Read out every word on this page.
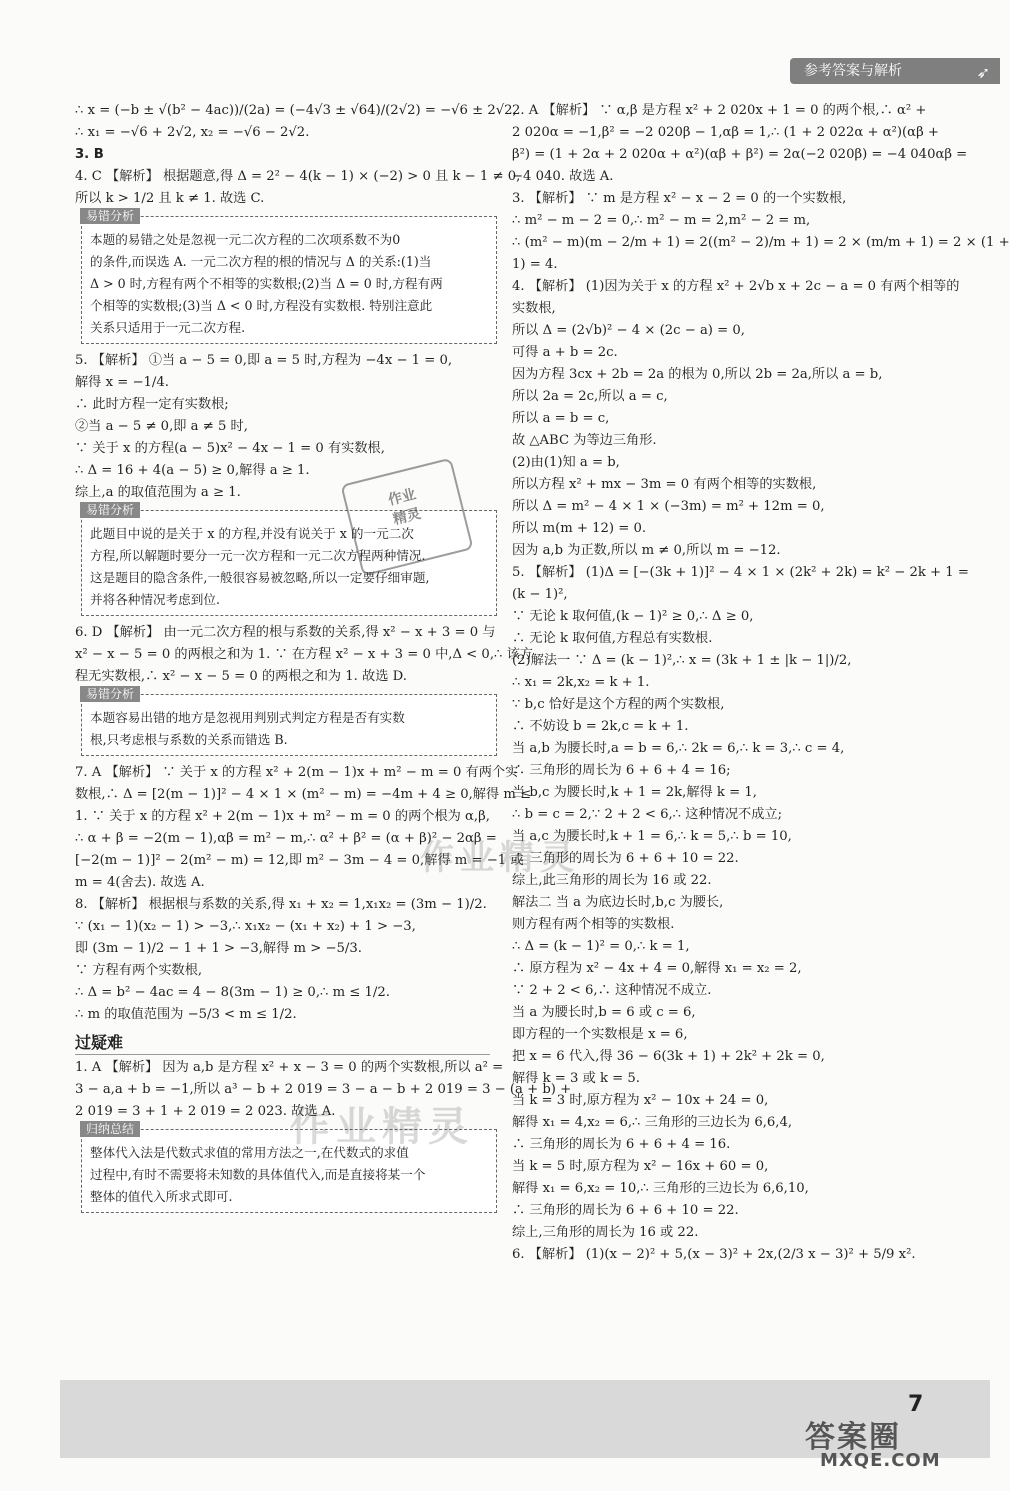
参考答案与解析	➶
∴ x = (−b ± √(b² − 4ac))/(2a) = (−4√3 ± √64)/(2√2) = −√6 ± 2√2,
∴ x₁ = −√6 + 2√2, x₂ = −√6 − 2√2.
3. B
4. C 【解析】 根据题意,得 Δ = 2² − 4(k − 1) × (−2) > 0 且 k − 1 ≠ 0,
所以 k > 1/2 且 k ≠ 1. 故选 C.
易错分析
本题的易错之处是忽视一元二次方程的二次项系数不为0
的条件,而误选 A. 一元二次方程的根的情况与 Δ 的关系:(1)当
Δ > 0 时,方程有两个不相等的实数根;(2)当 Δ = 0 时,方程有两
个相等的实数根;(3)当 Δ < 0 时,方程没有实数根. 特别注意此
关系只适用于一元二次方程.
5. 【解析】 ①当 a − 5 = 0,即 a = 5 时,方程为 −4x − 1 = 0,
解得 x = −1/4.
∴ 此时方程一定有实数根;
②当 a − 5 ≠ 0,即 a ≠ 5 时,
∵ 关于 x 的方程(a − 5)x² − 4x − 1 = 0 有实数根,
∴ Δ = 16 + 4(a − 5) ≥ 0,解得 a ≥ 1.
综上,a 的取值范围为 a ≥ 1.
易错分析
此题目中说的是关于 x 的方程,并没有说关于 x 的一元二次
方程,所以解题时要分一元一次方程和一元二次方程两种情况.
这是题目的隐含条件,一般很容易被忽略,所以一定要仔细审题,
并将各种情况考虑到位.
6. D 【解析】 由一元二次方程的根与系数的关系,得 x² − x + 3 = 0 与
x² − x − 5 = 0 的两根之和为 1. ∵ 在方程 x² − x + 3 = 0 中,Δ < 0,∴ 该方
程无实数根,∴ x² − x − 5 = 0 的两根之和为 1. 故选 D.
易错分析
本题容易出错的地方是忽视用判别式判定方程是否有实数
根,只考虑根与系数的关系而错选 B.
7. A 【解析】 ∵ 关于 x 的方程 x² + 2(m − 1)x + m² − m = 0 有两个实
数根,∴ Δ = [2(m − 1)]² − 4 × 1 × (m² − m) = −4m + 4 ≥ 0,解得 m ≤
1. ∵ 关于 x 的方程 x² + 2(m − 1)x + m² − m = 0 的两个根为 α,β,
∴ α + β = −2(m − 1),αβ = m² − m,∴ α² + β² = (α + β)² − 2αβ =
[−2(m − 1)]² − 2(m² − m) = 12,即 m² − 3m − 4 = 0,解得 m = −1 或
m = 4(舍去). 故选 A.
8. 【解析】 根据根与系数的关系,得 x₁ + x₂ = 1,x₁x₂ = (3m − 1)/2.
∵ (x₁ − 1)(x₂ − 1) > −3,∴ x₁x₂ − (x₁ + x₂) + 1 > −3,
即 (3m − 1)/2 − 1 + 1 > −3,解得 m > −5/3.
∵ 方程有两个实数根,
∴ Δ = b² − 4ac = 4 − 8(3m − 1) ≥ 0,∴ m ≤ 1/2.
∴ m 的取值范围为 −5/3 < m ≤ 1/2.
过疑难
1. A 【解析】 因为 a,b 是方程 x² + x − 3 = 0 的两个实数根,所以 a² =
3 − a,a + b = −1,所以 a³ − b + 2 019 = 3 − a − b + 2 019 = 3 − (a + b) +
2 019 = 3 + 1 + 2 019 = 2 023. 故选 A.
归纳总结
整体代入法是代数式求值的常用方法之一,在代数式的求值
过程中,有时不需要将未知数的具体值代入,而是直接将某一个
整体的值代入所求式即可.
2. A 【解析】 ∵ α,β 是方程 x² + 2 020x + 1 = 0 的两个根,∴ α² +
2 020α = −1,β² = −2 020β − 1,αβ = 1,∴ (1 + 2 022α + α²)(αβ +
β²) = (1 + 2α + 2 020α + α²)(αβ + β²) = 2α(−2 020β) = −4 040αβ =
−4 040. 故选 A.
3. 【解析】 ∵ m 是方程 x² − x − 2 = 0 的一个实数根,
∴ m² − m − 2 = 0,∴ m² − m = 2,m² − 2 = m,
∴ (m² − m)(m − 2/m + 1) = 2((m² − 2)/m + 1) = 2 × (m/m + 1) = 2 × (1 +
1) = 4.
4. 【解析】 (1)因为关于 x 的方程 x² + 2√b x + 2c − a = 0 有两个相等的
实数根,
所以 Δ = (2√b)² − 4 × (2c − a) = 0,
可得 a + b = 2c.
因为方程 3cx + 2b = 2a 的根为 0,所以 2b = 2a,所以 a = b,
所以 2a = 2c,所以 a = c,
所以 a = b = c,
故 △ABC 为等边三角形.
(2)由(1)知 a = b,
所以方程 x² + mx − 3m = 0 有两个相等的实数根,
所以 Δ = m² − 4 × 1 × (−3m) = m² + 12m = 0,
所以 m(m + 12) = 0.
因为 a,b 为正数,所以 m ≠ 0,所以 m = −12.
5. 【解析】 (1)Δ = [−(3k + 1)]² − 4 × 1 × (2k² + 2k) = k² − 2k + 1 =
(k − 1)²,
∵ 无论 k 取何值,(k − 1)² ≥ 0,∴ Δ ≥ 0,
∴ 无论 k 取何值,方程总有实数根.
(2)解法一 ∵ Δ = (k − 1)²,∴ x = (3k + 1 ± |k − 1|)/2,
∴ x₁ = 2k,x₂ = k + 1.
∵ b,c 恰好是这个方程的两个实数根,
∴ 不妨设 b = 2k,c = k + 1.
当 a,b 为腰长时,a = b = 6,∴ 2k = 6,∴ k = 3,∴ c = 4,
∴ 三角形的周长为 6 + 6 + 4 = 16;
当 b,c 为腰长时,k + 1 = 2k,解得 k = 1,
∴ b = c = 2,∵ 2 + 2 < 6,∴ 这种情况不成立;
当 a,c 为腰长时,k + 1 = 6,∴ k = 5,∴ b = 10,
∴ 三角形的周长为 6 + 6 + 10 = 22.
综上,此三角形的周长为 16 或 22.
解法二 当 a 为底边长时,b,c 为腰长,
则方程有两个相等的实数根.
∴ Δ = (k − 1)² = 0,∴ k = 1,
∴ 原方程为 x² − 4x + 4 = 0,解得 x₁ = x₂ = 2,
∵ 2 + 2 < 6,∴ 这种情况不成立.
当 a 为腰长时,b = 6 或 c = 6,
即方程的一个实数根是 x = 6,
把 x = 6 代入,得 36 − 6(3k + 1) + 2k² + 2k = 0,
解得 k = 3 或 k = 5.
当 k = 3 时,原方程为 x² − 10x + 24 = 0,
解得 x₁ = 4,x₂ = 6,∴ 三角形的三边长为 6,6,4,
∴ 三角形的周长为 6 + 6 + 4 = 16.
当 k = 5 时,原方程为 x² − 16x + 60 = 0,
解得 x₁ = 6,x₂ = 10,∴ 三角形的三边长为 6,6,10,
∴ 三角形的周长为 6 + 6 + 10 = 22.
综上,三角形的周长为 16 或 22.
6. 【解析】 (1)(x − 2)² + 5,(x − 3)² + 2x,(2/3 x − 3)² + 5/9 x².
作业
精灵
作业精灵
作业精灵
7
答案圈
MXQE.COM
